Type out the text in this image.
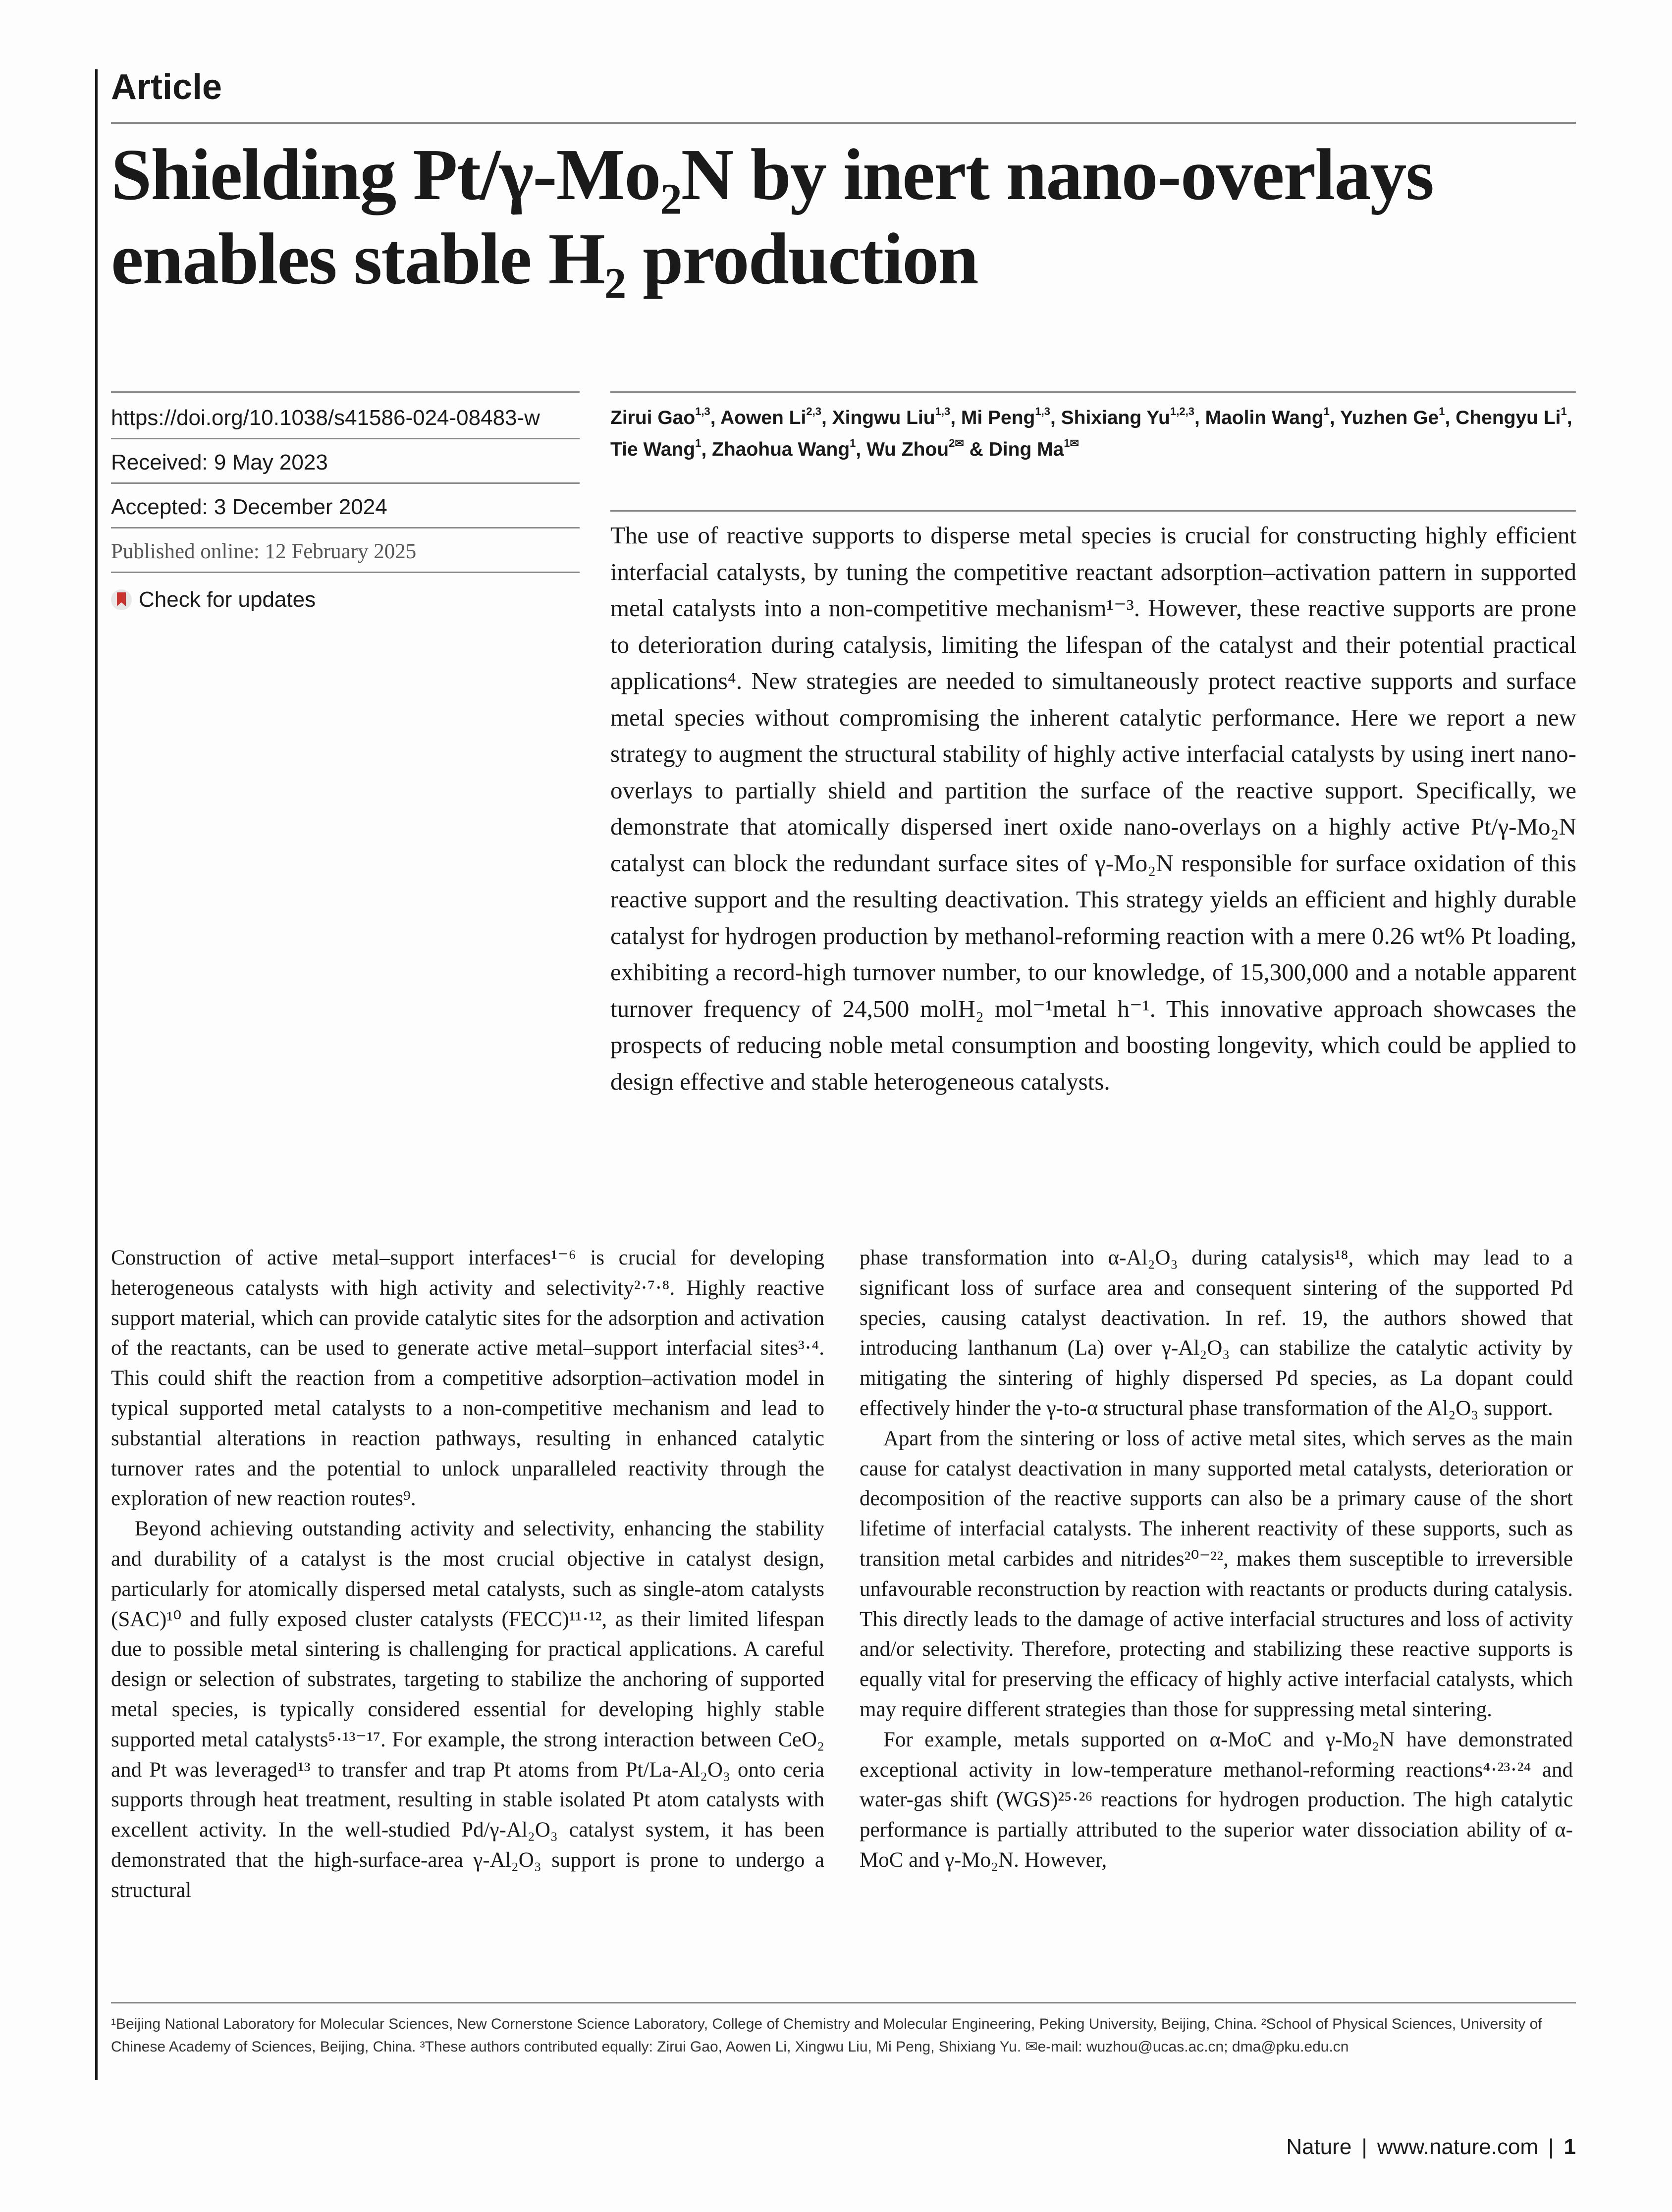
Article
Shielding Pt/γ-Mo₂N by inert nano-overlays
enables stable H₂ production
https://doi.org/10.1038/s41586-024-08483-w
Received: 9 May 2023
Accepted: 3 December 2024
Published online: 12 February 2025
Check for updates
Zirui Gao$^{1,3}$, Aowen Li$^{2,3}$, Xingwu Liu$^{1,3}$, Mi Peng$^{1,3}$, Shixiang Yu$^{1,2,3}$, Maolin Wang$^1$, Yuzhen Ge$^1$, Chengyu Li$^1$, Tie Wang$^1$, Zhaohua Wang$^1$, Wu Zhou$^{2✉}$ & Ding $Ma^{1✉}$

The use of reactive supports to disperse metal species is crucial for constructing highly efficient interfacial catalysts, by tuning the competitive reactant adsorption–activation pattern in supported metal catalysts into a non-competitive mechanism¹⁻³. However, these reactive supports are prone to deterioration during catalysis, limiting the lifespan of the catalyst and their potential practical applications⁴. New strategies are needed to simultaneously protect reactive supports and surface metal species without compromising the inherent catalytic performance. Here we report a new strategy to augment the structural stability of highly active interfacial catalysts by using inert nano-overlays to partially shield and partition the surface of the reactive support. Specifically, we demonstrate that atomically dispersed inert oxide nano-overlays on a highly active Pt/γ-Mo₂N catalyst can block the redundant surface sites of γ-Mo₂N responsible for surface oxidation of this reactive support and the resulting deactivation. This strategy yields an efficient and highly durable catalyst for hydrogen production by methanol-reforming reaction with a mere 0.26 wt% Pt loading, exhibiting a record-high turnover number, to our knowledge, of 15,300,000 and a notable apparent turnover frequency of 24,500 molH₂ mol⁻¹metal h⁻¹. This innovative approach showcases the prospects of reducing noble metal consumption and boosting longevity, which could be applied to design effective and stable heterogeneous catalysts.

Construction of active metal–support interfaces¹⁻⁶ is crucial for developing heterogeneous catalysts with high activity and selectivity²·⁷·⁸. Highly reactive support material, which can provide catalytic sites for the adsorption and activation of the reactants, can be used to generate active metal–support interfacial sites³·⁴. This could shift the reaction from a competitive adsorption–activation model in typical supported metal catalysts to a non-competitive mechanism and lead to substantial alterations in reaction pathways, resulting in enhanced catalytic turnover rates and the potential to unlock unparalleled reactivity through the exploration of new reaction routes⁹.

Beyond achieving outstanding activity and selectivity, enhancing the stability and durability of a catalyst is the most crucial objective in catalyst design, particularly for atomically dispersed metal catalysts, such as single-atom catalysts (SAC)¹⁰ and fully exposed cluster catalysts (FECC)¹¹·¹², as their limited lifespan due to possible metal sintering is challenging for practical applications. A careful design or selection of substrates, targeting to stabilize the anchoring of supported metal species, is typically considered essential for developing highly stable supported metal catalysts⁵·¹³⁻¹⁷. For example, the strong interaction between CeO₂ and Pt was leveraged¹³ to transfer and trap Pt atoms from Pt/La-Al₂O₃ onto ceria supports through heat treatment, resulting in stable isolated Pt atom catalysts with excellent activity. In the well-studied Pd/γ-Al₂O₃ catalyst system, it has been demonstrated that the high-surface-area γ-Al₂O₃ support is prone to undergo a structural

phase transformation into α-Al₂O₃ during catalysis¹⁸, which may lead to a significant loss of surface area and consequent sintering of the supported Pd species, causing catalyst deactivation. In ref. 19, the authors showed that introducing lanthanum (La) over γ-Al₂O₃ can stabilize the catalytic activity by mitigating the sintering of highly dispersed Pd species, as La dopant could effectively hinder the γ-to-α structural phase transformation of the Al₂O₃ support.

Apart from the sintering or loss of active metal sites, which serves as the main cause for catalyst deactivation in many supported metal catalysts, deterioration or decomposition of the reactive supports can also be a primary cause of the short lifetime of interfacial catalysts. The inherent reactivity of these supports, such as transition metal carbides and nitrides²⁰⁻²², makes them susceptible to irreversible unfavourable reconstruction by reaction with reactants or products during catalysis. This directly leads to the damage of active interfacial structures and loss of activity and/or selectivity. Therefore, protecting and stabilizing these reactive supports is equally vital for preserving the efficacy of highly active interfacial catalysts, which may require different strategies than those for suppressing metal sintering.

For example, metals supported on α-MoC and γ-Mo₂N have demonstrated exceptional activity in low-temperature methanol-reforming reactions⁴·²³·²⁴ and water-gas shift (WGS)²⁵·²⁶ reactions for hydrogen production. The high catalytic performance is partially attributed to the superior water dissociation ability of α-MoC and γ-Mo₂N. However,

¹Beijing National Laboratory for Molecular Sciences, New Cornerstone Science Laboratory, College of Chemistry and Molecular Engineering, Peking University, Beijing, China. ²School of Physical Sciences, University of Chinese Academy of Sciences, Beijing, China. ³These authors contributed equally: Zirui Gao, Aowen Li, Xingwu Liu, Mi Peng, Shixiang Yu. ✉e-mail: wuzhou@ucas.ac.cn; dma@pku.edu.cn
Nature | www.nature.com | 1
